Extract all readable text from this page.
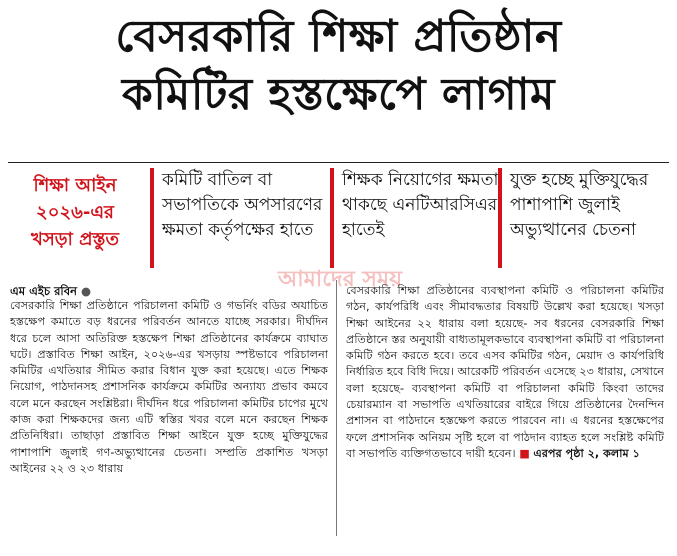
বেসরকারি শিক্ষা প্রতিষ্ঠান
কমিটির হস্তক্ষেপে লাগাম
শিক্ষা আইন
২০২৬-এর
খসড়া প্রস্তুত
কমিটি বাতিল বা সভাপতিকে অপসারণের ক্ষমতা কর্তৃপক্ষের হাতে
শিক্ষক নিয়োগের ক্ষমতা থাকছে এনটিআরসিএর হাতেই
যুক্ত হচ্ছে মুক্তিযুদ্ধের পাশাপাশি জুলাই অভ্যুত্থানের চেতনা
আমাদের সময়
এম এইচ রবিন ●

বেসরকারি শিক্ষা প্রতিষ্ঠানে পরিচালনা কমিটি ও গভর্নিং বডির অযাচিত হস্তক্ষেপ কমাতে বড় ধরনের পরিবর্তন আনতে যাচ্ছে সরকার। দীর্ঘদিন ধরে চলে আসা অতিরিক্ত হস্তক্ষেপ শিক্ষা প্রতিষ্ঠানের কার্যক্রমে ব্যাঘাত ঘটে। প্রস্তাবিত শিক্ষা আইন, ২০২৬-এর খসড়ায় স্পষ্টভাবে পরিচালনা কমিটির এখতিয়ার সীমিত করার বিধান যুক্ত করা হয়েছে। এতে শিক্ষক নিয়োগ, পাঠদানসহ প্রশাসনিক কার্যক্রমে কমিটির অন্যায্য প্রভাব কমবে বলে মনে করছেন সংশ্লিষ্টরা। দীর্ঘদিন ধরে পরিচালনা কমিটির চাপের মুখে কাজ করা শিক্ষকদের জন্য এটি স্বস্তির খবর বলে মনে করছেন শিক্ষক প্রতিনিধিরা। তাছাড়া প্রস্তাবিত শিক্ষা আইনে যুক্ত হচ্ছে মুক্তিযুদ্ধের পাশাপাশি জুলাই গণ-অভ্যুত্থানের চেতনা। সম্প্রতি প্রকাশিত খসড়া আইনের ২২ ও ২৩ ধারায়

বেসরকারি শিক্ষা প্রতিষ্ঠানের ব্যবস্থাপনা কমিটি ও পরিচালনা কমিটির গঠন, কার্যপরিধি এবং সীমাবদ্ধতার বিষয়টি উল্লেখ করা হয়েছে। খসড়া শিক্ষা আইনের ২২ ধারায় বলা হয়েছে- সব ধরনের বেসরকারি শিক্ষা প্রতিষ্ঠানে স্তর অনুযায়ী বাধ্যতামূলকভাবে ব্যবস্থাপনা কমিটি বা পরিচালনা কমিটি গঠন করতে হবে। তবে এসব কমিটির গঠন, মেয়াদ ও কার্যপরিধি নির্ধারিত হবে বিধি দিয়ে। আরেকটি পরিবর্তন এসেছে ২৩ ধারায়, সেখানে বলা হয়েছে- ব্যবস্থাপনা কমিটি বা পরিচালনা কমিটি কিংবা তাদের চেয়ারম্যান বা সভাপতি এখতিয়ারের বাইরে গিয়ে প্রতিষ্ঠানের দৈনন্দিন প্রশাসন বা পাঠদানে হস্তক্ষেপ করতে পারবেন না। এ ধরনের হস্তক্ষেপের ফলে প্রশাসনিক অনিয়ম সৃষ্টি হলে বা পাঠদান ব্যাহত হলে সংশ্লিষ্ট কমিটি বা সভাপতি ব্যক্তিগতভাবে দায়ী হবেন। ■ এরপর পৃষ্ঠা ২, কলাম ১
